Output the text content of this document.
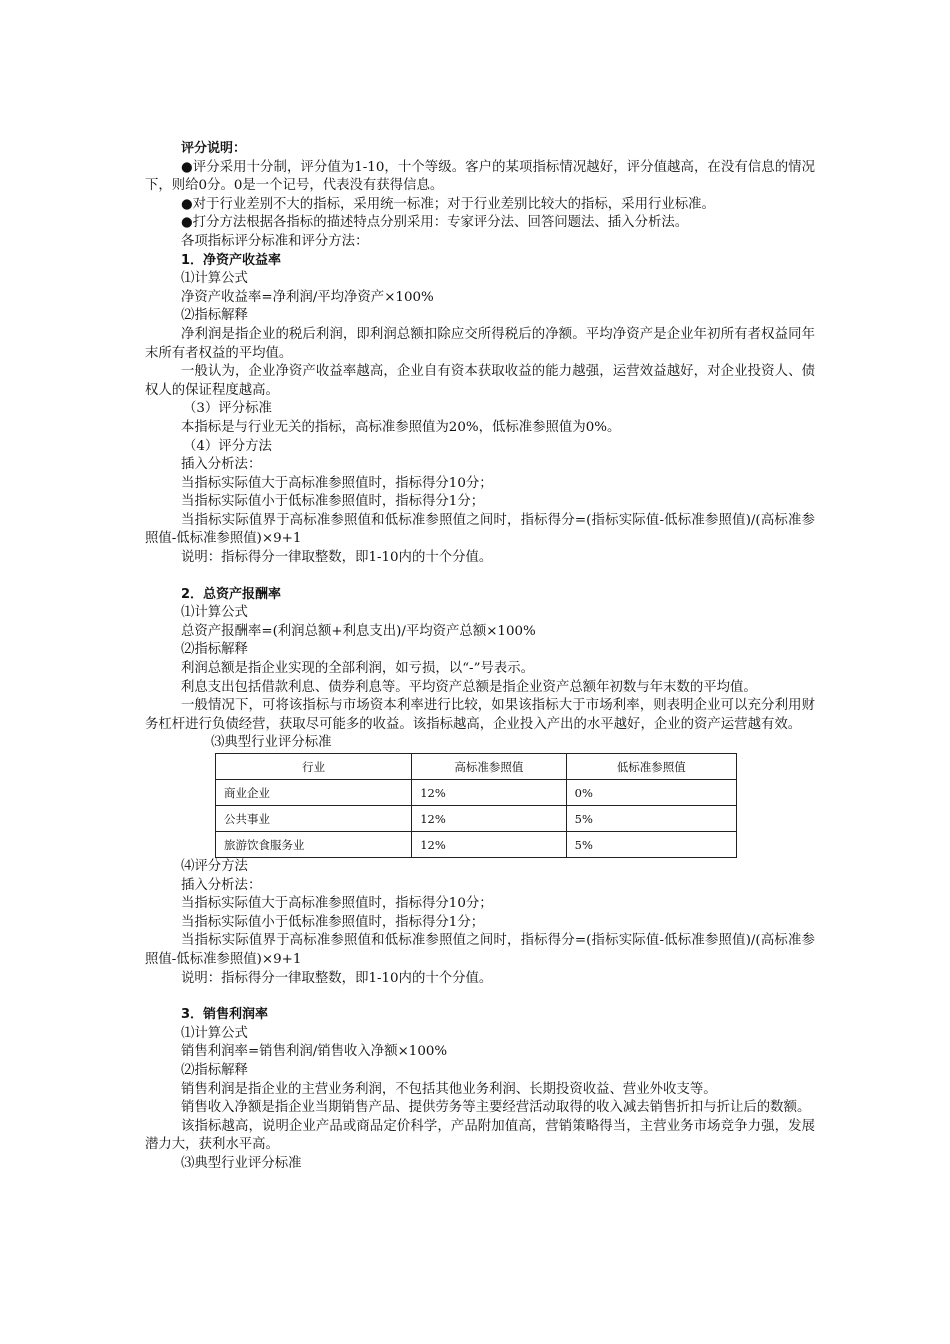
评分说明：

●评分采用十分制，评分值为1-10，十个等级。客户的某项指标情况越好，评分值越高，在没有信息的情况下，则给0分。0是一个记号，代表没有获得信息。

●对于行业差别不大的指标，采用统一标准；对于行业差别比较大的指标，采用行业标准。

●打分方法根据各指标的描述特点分别采用：专家评分法、回答问题法、插入分析法。

各项指标评分标准和评分方法：

1．净资产收益率

⑴计算公式

净资产收益率=净利润/平均净资产×100%

⑵指标解释

净利润是指企业的税后利润，即利润总额扣除应交所得税后的净额。平均净资产是企业年初所有者权益同年末所有者权益的平均值。

一般认为，企业净资产收益率越高，企业自有资本获取收益的能力越强，运营效益越好，对企业投资人、债权人的保证程度越高。

（3）评分标准

本指标是与行业无关的指标，高标准参照值为20%，低标准参照值为0%。

（4）评分方法

插入分析法：

当指标实际值大于高标准参照值时，指标得分10分；

当指标实际值小于低标准参照值时，指标得分1分；

当指标实际值界于高标准参照值和低标准参照值之间时，指标得分=(指标实际值-低标准参照值)/(高标准参照值-低标准参照值)×9+1

说明：指标得分一律取整数，即1-10内的十个分值。

2．总资产报酬率

⑴计算公式

总资产报酬率=(利润总额+利息支出)/平均资产总额×100%

⑵指标解释

利润总额是指企业实现的全部利润，如亏损，以“-”号表示。

利息支出包括借款利息、债券利息等。平均资产总额是指企业资产总额年初数与年末数的平均值。

一般情况下，可将该指标与市场资本利率进行比较，如果该指标大于市场利率，则表明企业可以充分利用财务杠杆进行负债经营，获取尽可能多的收益。该指标越高，企业投入产出的水平越好，企业的资产运营越有效。

⑶典型行业评分标准

行业	高标准参照值	低标准参照值
商业企业	12%	0%
公共事业	12%	5%
旅游饮食服务业	12%	5%

⑷评分方法

插入分析法：

当指标实际值大于高标准参照值时，指标得分10分；

当指标实际值小于低标准参照值时，指标得分1分；

当指标实际值界于高标准参照值和低标准参照值之间时，指标得分=(指标实际值-低标准参照值)/(高标准参照值-低标准参照值)×9+1

说明：指标得分一律取整数，即1-10内的十个分值。

3．销售利润率

⑴计算公式

销售利润率=销售利润/销售收入净额×100%

⑵指标解释

销售利润是指企业的主营业务利润，不包括其他业务利润、长期投资收益、营业外收支等。

销售收入净额是指企业当期销售产品、提供劳务等主要经营活动取得的收入减去销售折扣与折让后的数额。

该指标越高，说明企业产品或商品定价科学，产品附加值高，营销策略得当，主营业务市场竞争力强，发展潜力大，获利水平高。

⑶典型行业评分标准
